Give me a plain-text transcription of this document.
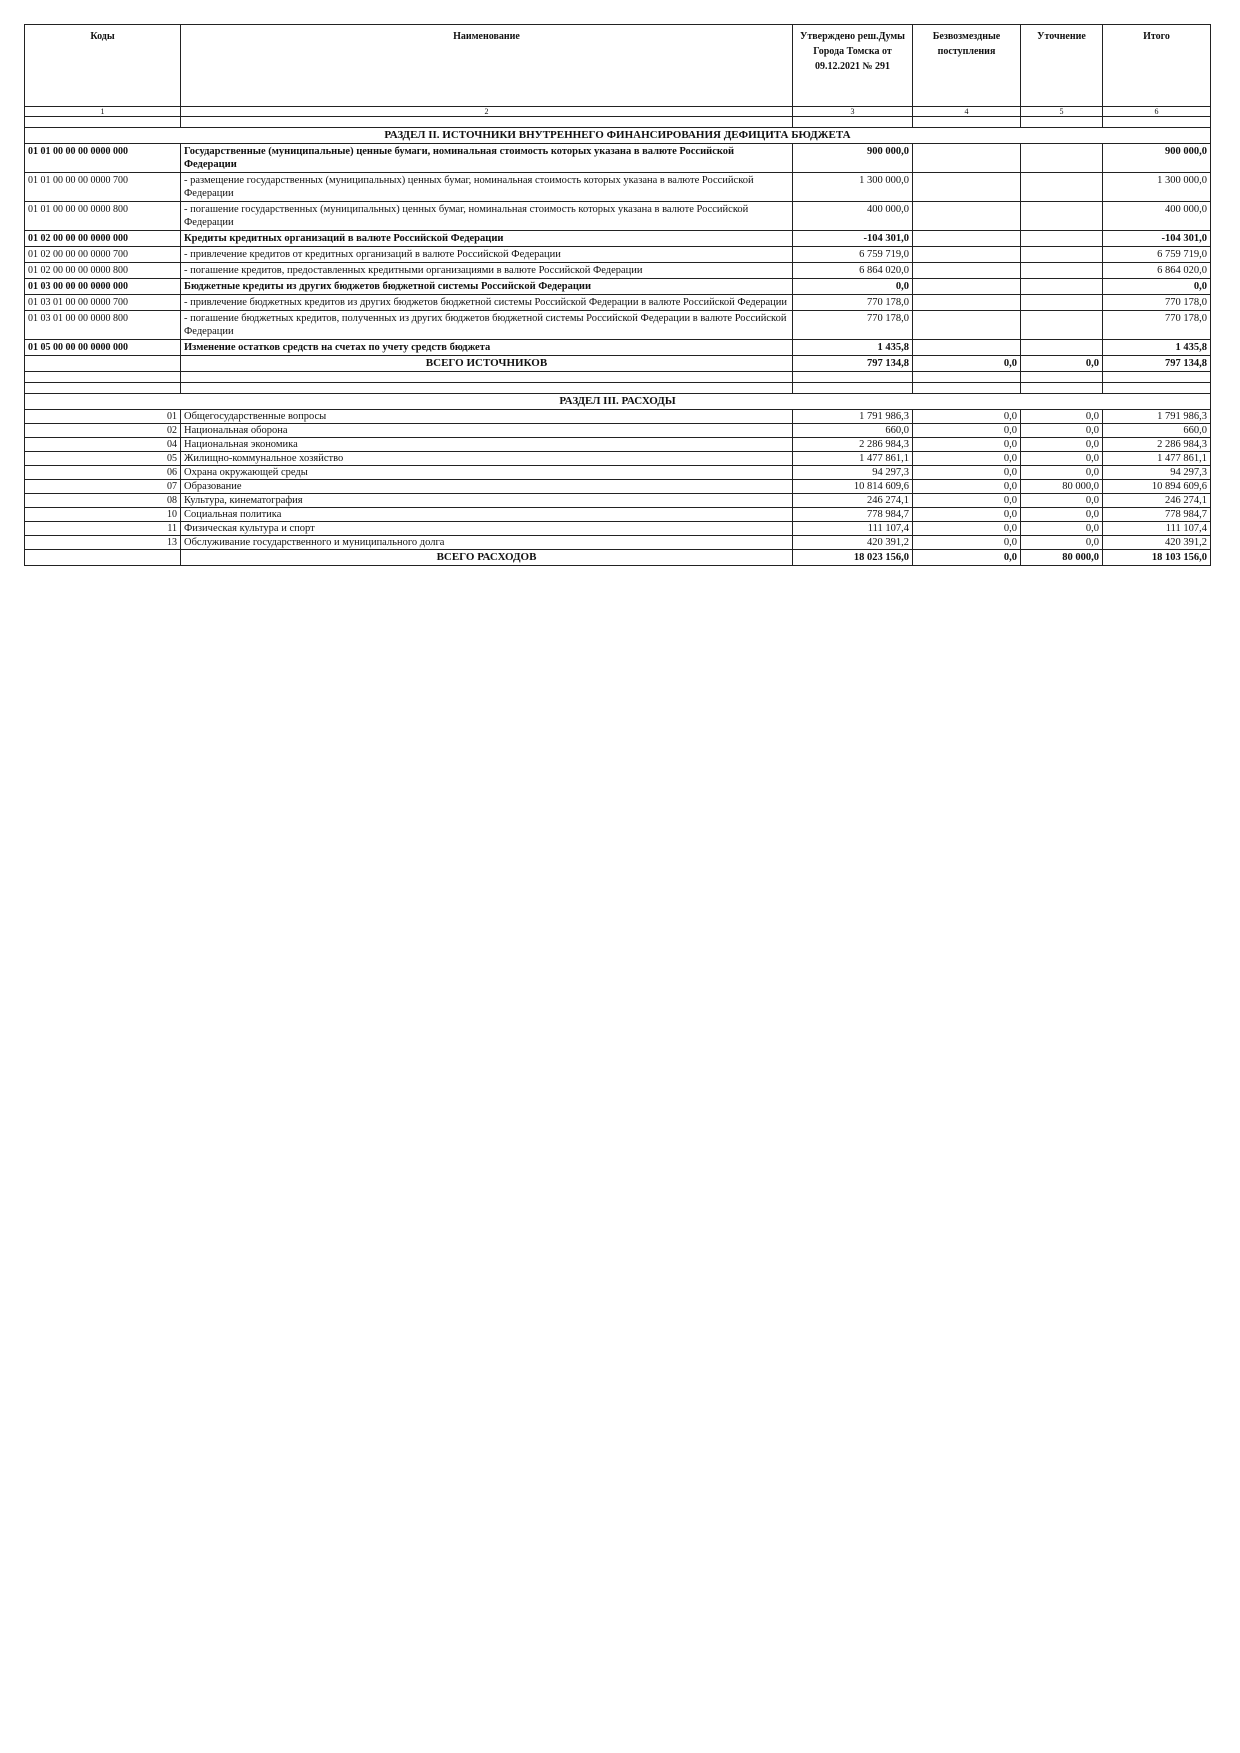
Коды	Наименование	Утверждено реш.Думы Города Томска от 09.12.2021 № 291	Безвозмездные поступления	Уточнение	Итого
1	2	3	4	5	6

РАЗДЕЛ II. ИСТОЧНИКИ ВНУТРЕННЕГО ФИНАНСИРОВАНИЯ ДЕФИЦИТА БЮДЖЕТА					
01 01 00 00 00 0000 000	Государственные (муниципальные) ценные бумаги, номинальная стоимость которых указана в валюте Российской Федерации	900 000,0			900 000,0
01 01 00 00 00 0000 700	- размещение государственных (муниципальных) ценных бумаг, номинальная стоимость которых указана в валюте Российской Федерации	1 300 000,0			1 300 000,0
01 01 00 00 00 0000 800	- погашение государственных (муниципальных) ценных бумаг, номинальная стоимость которых указана в валюте Российской Федерации	400 000,0			400 000,0
01 02 00 00 00 0000 000	Кредиты кредитных организаций в валюте Российской Федерации	-104 301,0			-104 301,0
01 02 00 00 00 0000 700	- привлечение кредитов от кредитных организаций в валюте Российской Федерации	6 759 719,0			6 759 719,0
01 02 00 00 00 0000 800	- погашение кредитов, предоставленных кредитными организациями в валюте Российской Федерации	6 864 020,0			6 864 020,0
01 03 00 00 00 0000 000	Бюджетные кредиты из других бюджетов бюджетной системы Российской Федерации	0,0			0,0
01 03 01 00 00 0000 700	- привлечение бюджетных кредитов из других бюджетов бюджетной системы Российской Федерации в валюте Российской Федерации	770 178,0			770 178,0
01 03 01 00 00 0000 800	- погашение бюджетных кредитов, полученных из других бюджетов бюджетной системы Российской Федерации в валюте Российской Федерации	770 178,0			770 178,0
01 05 00 00 00 0000 000	Изменение остатков средств на счетах по учету средств бюджета	1 435,8			1 435,8
	ВСЕГО ИСТОЧНИКОВ	797 134,8	0,0	0,0	797 134,8

РАЗДЕЛ III. РАСХОДЫ					
01	Общегосударственные вопросы	1 791 986,3	0,0	0,0	1 791 986,3
02	Национальная оборона	660,0	0,0	0,0	660,0
04	Национальная экономика	2 286 984,3	0,0	0,0	2 286 984,3
05	Жилищно-коммунальное хозяйство	1 477 861,1	0,0	0,0	1 477 861,1
06	Охрана окружающей среды	94 297,3	0,0	0,0	94 297,3
07	Образование	10 814 609,6	0,0	80 000,0	10 894 609,6
08	Культура, кинематография	246 274,1	0,0	0,0	246 274,1
10	Социальная политика	778 984,7	0,0	0,0	778 984,7
11	Физическая культура и спорт	111 107,4	0,0	0,0	111 107,4
13	Обслуживание государственного и муниципального долга	420 391,2	0,0	0,0	420 391,2
	ВСЕГО РАСХОДОВ	18 023 156,0	0,0	80 000,0	18 103 156,0
